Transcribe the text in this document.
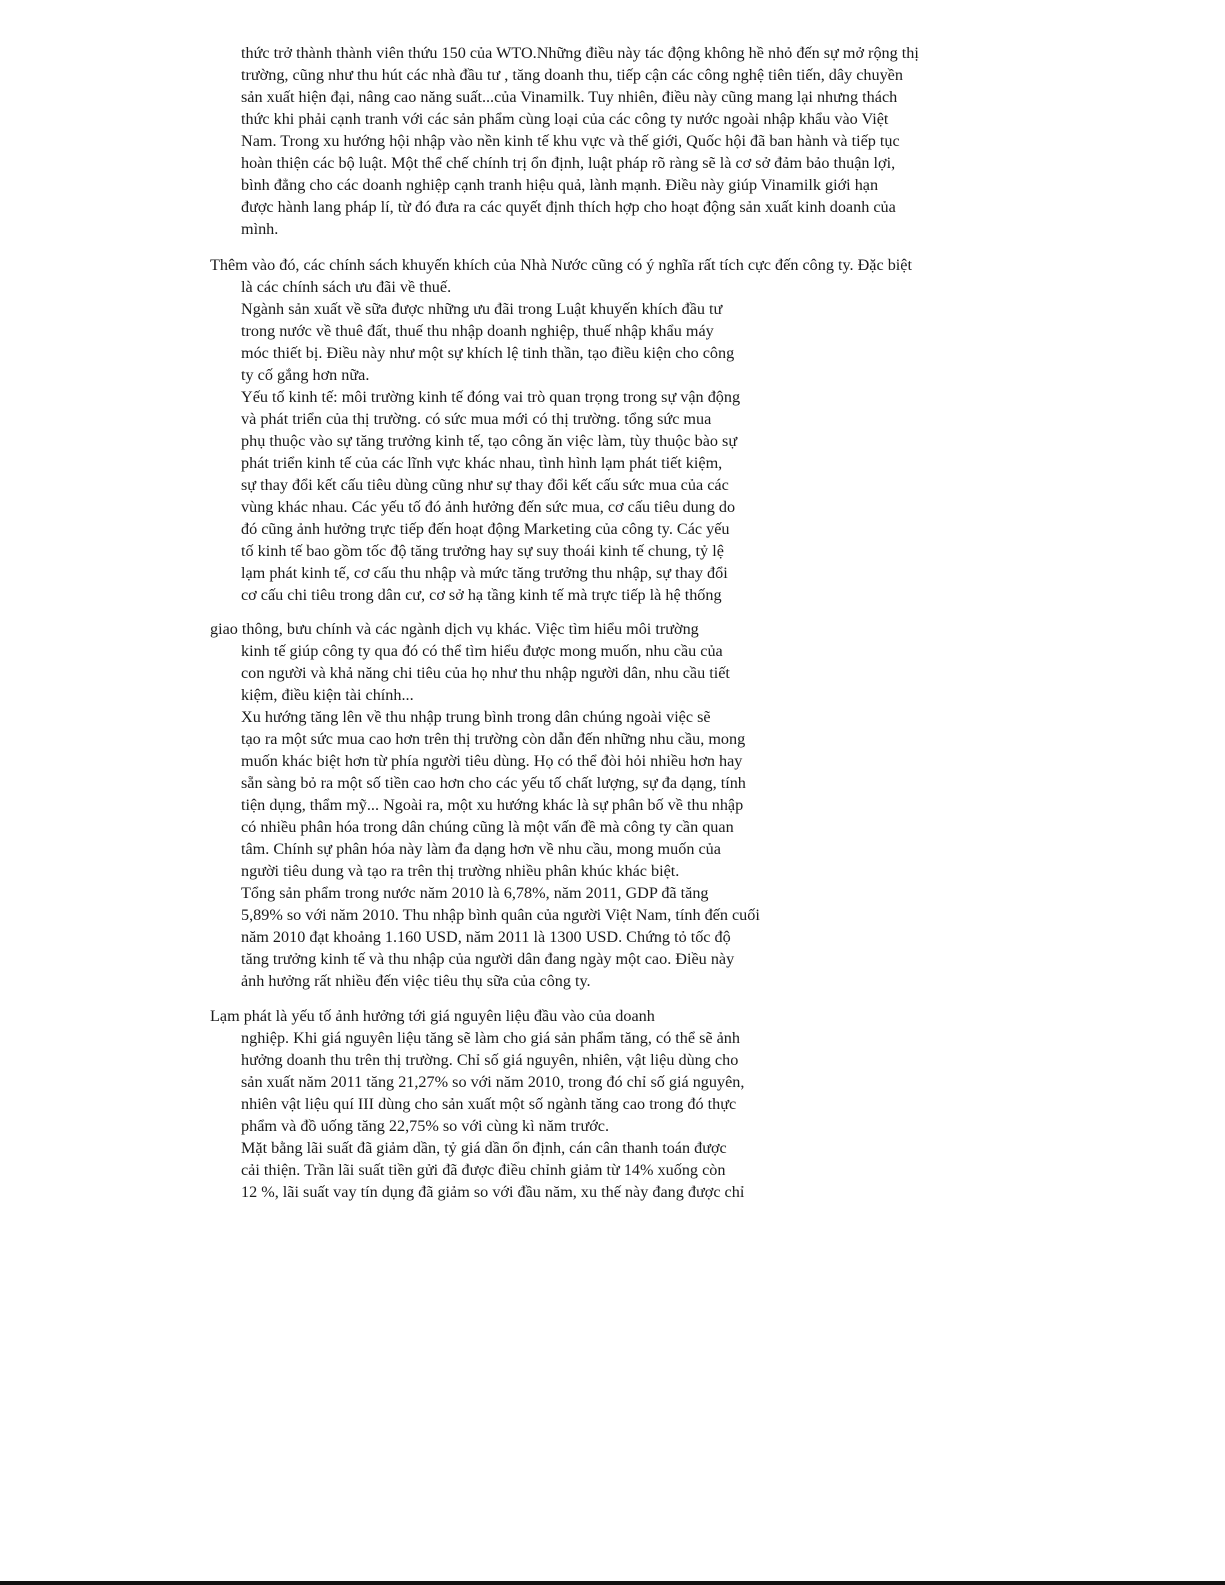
thức trở thành thành viên thứu 150 của WTO.Những điều này tác động không hề nhỏ đến sự mở rộng thị

trường, cũng như thu hút các nhà đầu tư , tăng doanh thu, tiếp cận các công nghệ tiên tiến, dây chuyền

sản xuất hiện đại, nâng cao năng suất...của Vinamilk. Tuy nhiên, điều này cũng mang lại nhưng thách

thức khi phải cạnh tranh với các sản phẩm cùng loại của các công ty nước ngoài nhập khẩu vào Việt

Nam. Trong xu hướng hội nhập vào nền kinh tế khu vực và thế giới, Quốc hội đã ban hành và tiếp tục

hoàn thiện các bộ luật. Một thể chế chính trị ổn định, luật pháp rõ ràng sẽ là cơ sở đảm bảo thuận lợi,

bình đẳng cho các doanh nghiệp cạnh tranh hiệu quả, lành mạnh. Điều này giúp Vinamilk giới hạn

được hành lang pháp lí, từ đó đưa ra các quyết định thích hợp cho hoạt động sản xuất kinh doanh của

mình.

Thêm vào đó, các chính sách khuyến khích của Nhà Nước cũng có ý nghĩa rất tích cực đến công ty. Đặc biệt

là các chính sách ưu đãi về thuế.

Ngành sản xuất về sữa được những ưu đãi trong Luật khuyến khích đầu tư

trong nước về thuê đất, thuế thu nhập doanh nghiệp, thuế nhập khẩu máy

móc thiết bị. Điều này như một sự khích lệ tinh thần, tạo điều kiện cho công

ty cố gắng hơn nữa.

Yếu tố kinh tế: môi trường kinh tế đóng vai trò quan trọng trong sự vận động

và phát triển của thị trường. có sức mua mới có thị trường. tổng sức mua

phụ thuộc vào sự tăng trưởng kinh tế, tạo công ăn việc làm, tùy thuộc bào sự

phát triển kinh tế của các lĩnh vực khác nhau, tình hình lạm phát tiết kiệm,

sự thay đổi kết cấu tiêu dùng cũng như sự thay đổi kết cấu sức mua của các

vùng khác nhau. Các yếu tố đó ảnh hưởng đến sức mua, cơ cấu tiêu dung do

đó cũng ảnh hưởng trực tiếp đến hoạt động Marketing của công ty. Các yếu

tố kinh tế bao gồm tốc độ tăng trưởng hay sự suy thoái kinh tế chung, tỷ lệ

lạm phát kinh tế, cơ cấu thu nhập và mức tăng trưởng thu nhập, sự thay đổi

cơ cấu chi tiêu trong dân cư, cơ sở hạ tầng kinh tế mà trực tiếp là hệ thống

giao thông, bưu chính và các ngành dịch vụ khác. Việc tìm hiểu môi trường

kinh tế giúp công ty qua đó có thể tìm hiểu được mong muốn, nhu cầu của

con người và khả năng chi tiêu của họ như thu nhập người dân, nhu cầu tiết

kiệm, điều kiện tài chính...

Xu hướng tăng lên về thu nhập trung bình trong dân chúng ngoài việc sẽ

tạo ra một sức mua cao hơn trên thị trường còn dẫn đến những nhu cầu, mong

muốn khác biệt hơn từ phía người tiêu dùng. Họ có thể đòi hỏi nhiều hơn hay

sẵn sàng bỏ ra một số tiền cao hơn cho các yếu tố chất lượng, sự đa dạng, tính

tiện dụng, thẩm mỹ... Ngoài ra, một xu hướng khác là sự phân bố về thu nhập

có nhiều phân hóa trong dân chúng cũng là một vấn đề mà công ty cần quan

tâm. Chính sự phân hóa này làm đa dạng hơn về nhu cầu, mong muốn của

người tiêu dung và tạo ra trên thị trường nhiều phân khúc khác biệt.

Tổng sản phẩm trong nước năm 2010 là 6,78%, năm 2011, GDP đã tăng

5,89% so với năm 2010. Thu nhập bình quân của người Việt Nam, tính đến cuối

năm 2010 đạt khoảng 1.160 USD, năm 2011 là 1300 USD. Chứng tỏ tốc độ

tăng trưởng kinh tế và thu nhập của người dân đang ngày một cao. Điều này

ảnh hưởng rất nhiều đến việc tiêu thụ sữa của công ty.

Lạm phát là yếu tố ảnh hưởng tới giá nguyên liệu đầu vào của doanh

nghiệp. Khi giá nguyên liệu tăng sẽ làm cho giá sản phẩm tăng, có thể sẽ ảnh

hưởng doanh thu trên thị trường. Chỉ số giá nguyên, nhiên, vật liệu dùng cho

sản xuất năm 2011 tăng 21,27% so với năm 2010, trong đó chỉ số giá nguyên,

nhiên vật liệu quí III dùng cho sản xuất một số ngành tăng cao trong đó thực

phẩm và đồ uống tăng 22,75% so với cùng kì năm trước.

Mặt bằng lãi suất đã giảm dần, tỷ giá dần ổn định, cán cân thanh toán được

cải thiện. Trần lãi suất tiền gửi đã được điều chỉnh giảm từ 14% xuống còn

12 %, lãi suất vay tín dụng đã giảm so với đầu năm, xu thế này đang được chỉ
